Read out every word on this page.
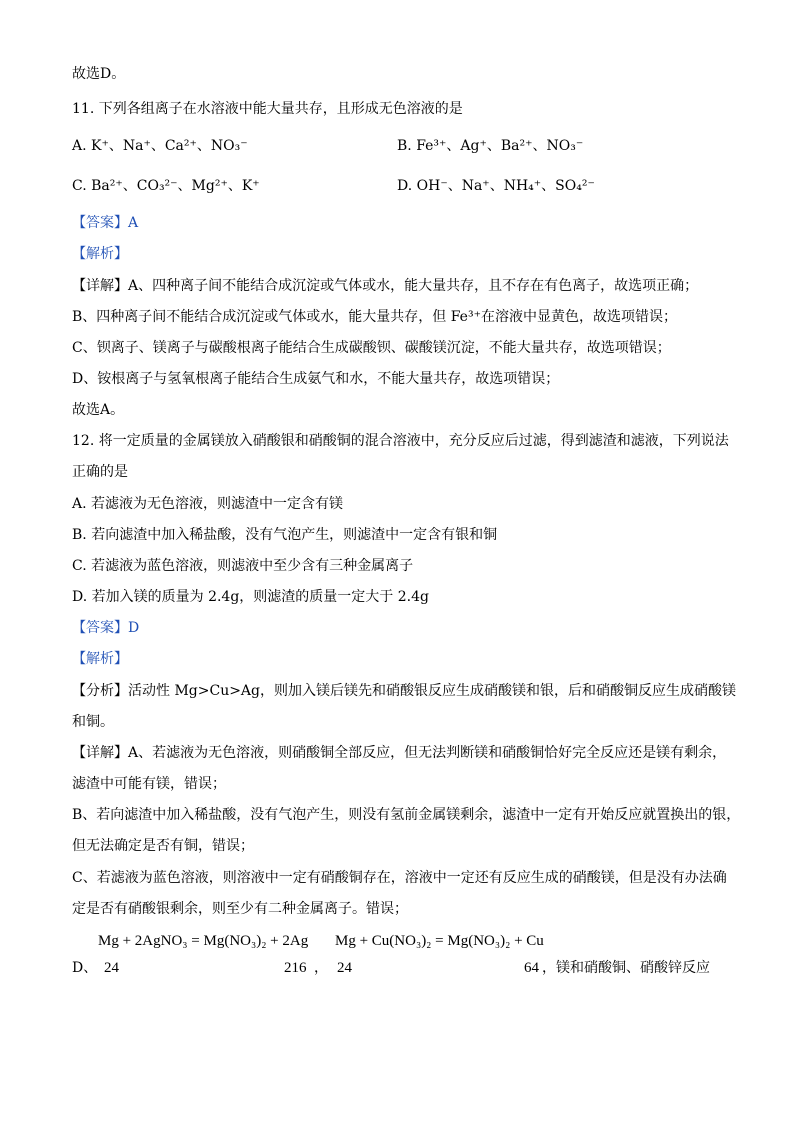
故选D。
11. 下列各组离子在水溶液中能大量共存，且形成无色溶液的是
A. K⁺、Na⁺、Ca²⁺、NO₃⁻	B. Fe³⁺、Ag⁺、Ba²⁺、NO₃⁻
C. Ba²⁺、CO₃²⁻、Mg²⁺、K⁺	D. OH⁻、Na⁺、NH₄⁺、SO₄²⁻
【答案】A
【解析】
【详解】A、四种离子间不能结合成沉淀或气体或水，能大量共存，且不存在有色离子，故选项正确；
B、四种离子间不能结合成沉淀或气体或水，能大量共存，但 Fe³⁺在溶液中显黄色，故选项错误；
C、钡离子、镁离子与碳酸根离子能结合生成碳酸钡、碳酸镁沉淀，不能大量共存，故选项错误；
D、铵根离子与氢氧根离子能结合生成氨气和水，不能大量共存，故选项错误；
故选A。
12. 将一定质量的金属镁放入硝酸银和硝酸铜的混合溶液中，充分反应后过滤，得到滤渣和滤液，下列说法
正确的是
A. 若滤液为无色溶液，则滤渣中一定含有镁
B. 若向滤渣中加入稀盐酸，没有气泡产生，则滤渣中一定含有银和铜
C. 若滤液为蓝色溶液，则滤液中至少含有三种金属离子
D. 若加入镁的质量为 2.4g，则滤渣的质量一定大于 2.4g
【答案】D
【解析】
【分析】活动性 Mg>Cu>Ag，则加入镁后镁先和硝酸银反应生成硝酸镁和银，后和硝酸铜反应生成硝酸镁
和铜。
【详解】A、若滤液为无色溶液，则硝酸铜全部反应，但无法判断镁和硝酸铜恰好完全反应还是镁有剩余，
滤渣中可能有镁，错误；
B、若向滤渣中加入稀盐酸，没有气泡产生，则没有氢前金属镁剩余，滤渣中一定有开始反应就置换出的银，
但无法确定是否有铜，错误；
C、若滤液为蓝色溶液，则溶液中一定有硝酸铜存在，溶液中一定还有反应生成的硝酸镁，但是没有办法确
定是否有硝酸银剩余，则至少有二种金属离子。错误；
Mg + 2AgNO₃ = Mg(NO₃)₂ + 2Ag Mg + Cu(NO₃)₂ = Mg(NO₃)₂ + Cu
D、 24	216 ， 24	64 ，镁和硝酸铜、硝酸锌反应
